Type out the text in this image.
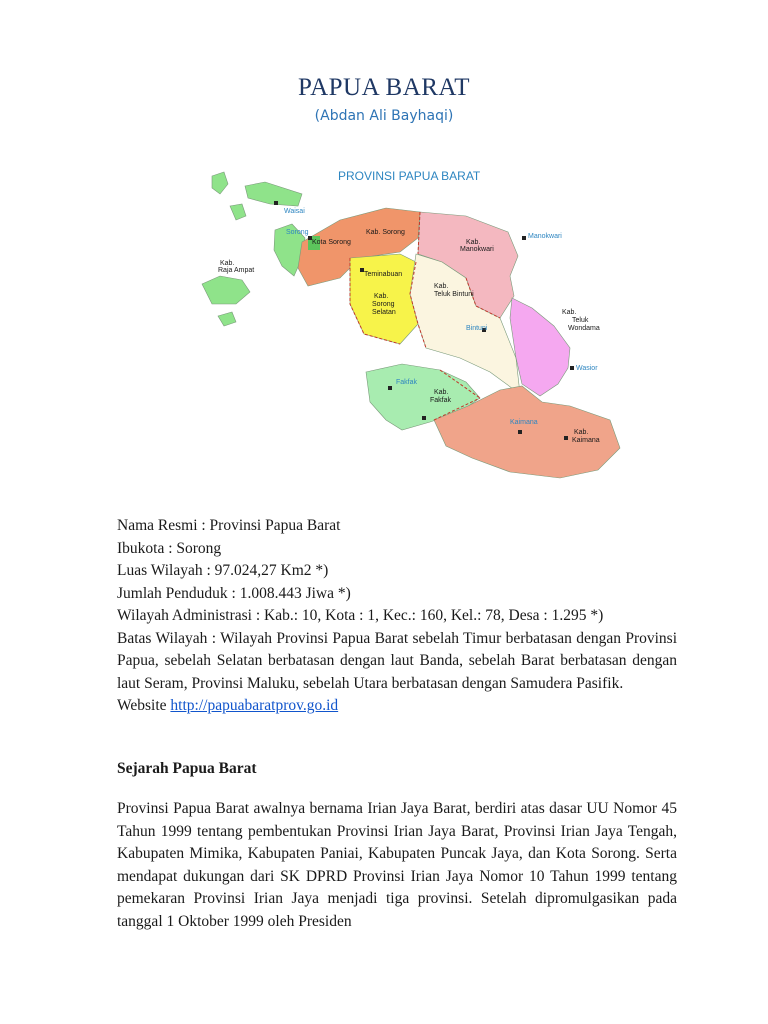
PAPUA BARAT
(Abdan Ali Bayhaqi)
PROVINSI PAPUA BARAT
Waisai
Sorong
Kota Sorong
Kab. Sorong
Kab.
Raja Ampat
Teminabuan
Kab.
Sorong
Selatan
Kab.
Manokwari
Manokwari
Kab.
Teluk Bintuni
Bintuni
Kab.
Teluk
Wondama
Wasior
Fakfak
Kab.
Fakfak
Kaimana
Kab.
Kaimana
Nama Resmi : Provinsi Papua Barat
Ibukota : Sorong
Luas Wilayah : 97.024,27 Km2 *)
Jumlah Penduduk : 1.008.443 Jiwa *)
Wilayah Administrasi : Kab.: 10, Kota : 1, Kec.: 160, Kel.: 78, Desa : 1.295 *)
Batas Wilayah : Wilayah Provinsi Papua Barat sebelah Timur berbatasan dengan Provinsi Papua, sebelah Selatan berbatasan dengan laut Banda, sebelah Barat berbatasan dengan laut Seram, Provinsi Maluku, sebelah Utara berbatasan dengan Samudera Pasifik.
Website http://papuabaratprov.go.id
Sejarah Papua Barat
Provinsi Papua Barat awalnya bernama Irian Jaya Barat, berdiri atas dasar UU Nomor 45 Tahun 1999 tentang pembentukan Provinsi Irian Jaya Barat, Provinsi Irian Jaya Tengah, Kabupaten Mimika, Kabupaten Paniai, Kabupaten Puncak Jaya, dan Kota Sorong. Serta mendapat dukungan dari SK DPRD Provinsi Irian Jaya Nomor 10 Tahun 1999 tentang pemekaran Provinsi Irian Jaya menjadi tiga provinsi. Setelah dipromulgasikan pada tanggal 1 Oktober 1999 oleh Presiden
